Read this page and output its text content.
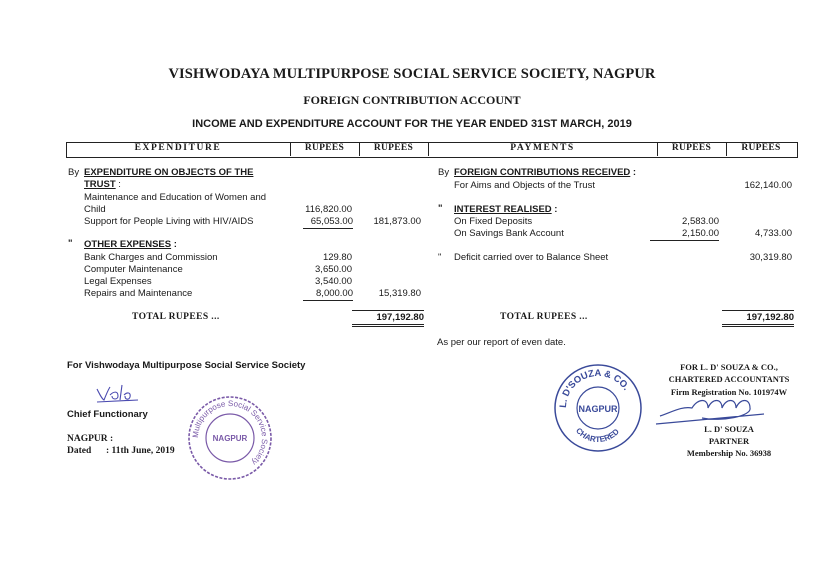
VISHWODAYA MULTIPURPOSE SOCIAL SERVICE SOCIETY, NAGPUR
FOREIGN CONTRIBUTION ACCOUNT
INCOME AND EXPENDITURE ACCOUNT FOR THE YEAR ENDED 31ST MARCH, 2019
EXPENDITURE	RUPEES	RUPEES	PAYMENTS	RUPEES	RUPEES
By EXPENDITURE ON OBJECTS OF THE
TRUST :
Maintenance and Education of Women and
Child	116,820.00
Support for People Living with HIV/AIDS	65,053.00	181,873.00
" OTHER EXPENSES :
Bank Charges and Commission	129.80
Computer Maintenance	3,650.00
Legal Expenses	3,540.00
Repairs and Maintenance	8,000.00	15,319.80
TOTAL RUPEES ...	197,192.80
By FOREIGN CONTRIBUTIONS RECEIVED :
For Aims and Objects of the Trust	162,140.00
" INTEREST REALISED :
On Fixed Deposits	2,583.00
On Savings Bank Account	2,150.00	4,733.00
" Deficit carried over to Balance Sheet	30,319.80
TOTAL RUPEES ...	197,192.80
As per our report of even date.
For Vishwodaya Multipurpose Social Service Society
Chief Functionary
NAGPUR :
Dated : 11th June, 2019
Multipurpose Social Service Society
NAGPUR
L. D'SOUZA & CO.
CHARTERED
NAGPUR
FOR L. D' SOUZA & CO.,
CHARTERED ACCOUNTANTS
Firm Registration No. 101974W
L. D' SOUZA
PARTNER
Membership No. 36938
